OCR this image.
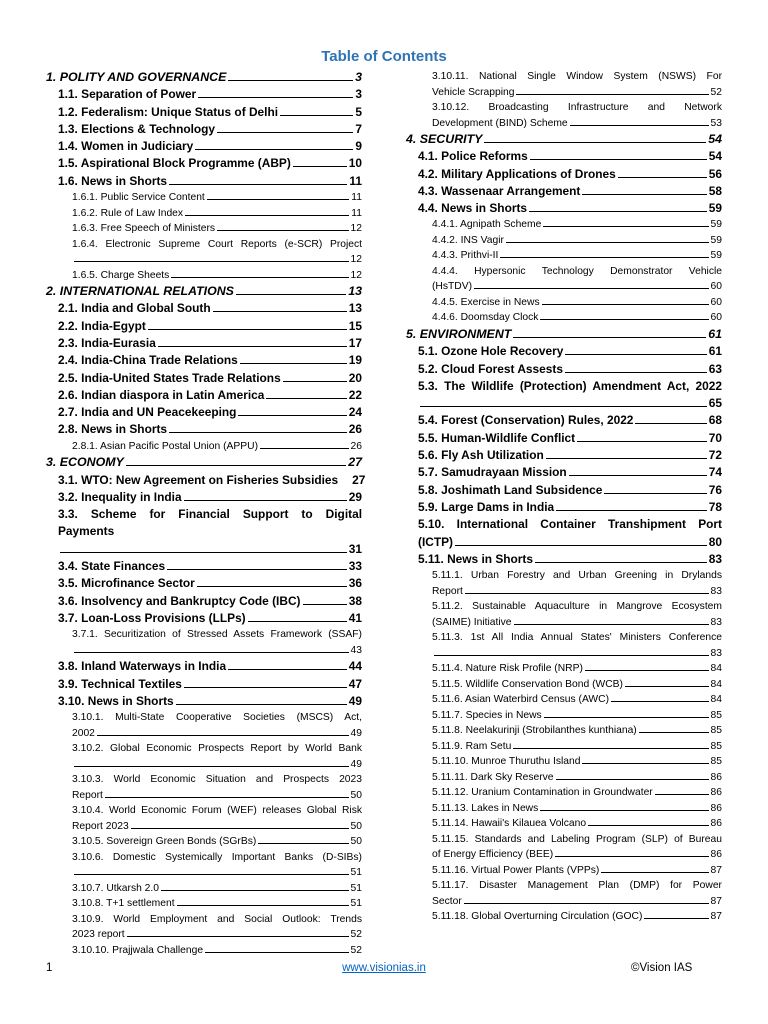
Table of Contents
1. POLITY AND GOVERNANCE	3
1.1. Separation of Power	3
1.2. Federalism: Unique Status of Delhi	5
1.3. Elections & Technology	7
1.4. Women in Judiciary	9
1.5. Aspirational Block Programme (ABP)	10
1.6. News in Shorts	11
1.6.1. Public Service Content	11
1.6.2. Rule of Law Index	11
1.6.3. Free Speech of Ministers	12
1.6.4. Electronic Supreme Court Reports (e-SCR) Project
12
1.6.5. Charge Sheets	12
2. INTERNATIONAL RELATIONS	13
2.1. India and Global South	13
2.2. India-Egypt	15
2.3. India-Eurasia	17
2.4. India-China Trade Relations	19
2.5. India-United States Trade Relations	20
2.6. Indian diaspora in Latin America	22
2.7. India and UN Peacekeeping	24
2.8. News in Shorts	26
2.8.1. Asian Pacific Postal Union (APPU)	26
3. ECONOMY	27
3.1. WTO: New Agreement on Fisheries Subsidies 27
3.2. Inequality in India	29
3.3. Scheme for Financial Support to Digital Payments
31
3.4. State Finances	33
3.5. Microfinance Sector	36
3.6. Insolvency and Bankruptcy Code (IBC)	38
3.7. Loan-Loss Provisions (LLPs)	41
3.7.1. Securitization of Stressed Assets Framework (SSAF)
43
3.8. Inland Waterways in India	44
3.9. Technical Textiles	47
3.10. News in Shorts	49
3.10.1. Multi-State Cooperative Societies (MSCS) Act,
2002	49
3.10.2. Global Economic Prospects Report by World Bank
49
3.10.3. World Economic Situation and Prospects 2023
Report	50
3.10.4. World Economic Forum (WEF) releases Global Risk
Report 2023	50
3.10.5. Sovereign Green Bonds (SGrBs)	50
3.10.6. Domestic Systemically Important Banks (D-SIBs)
51
3.10.7. Utkarsh 2.0	51
3.10.8. T+1 settlement	51
3.10.9. World Employment and Social Outlook: Trends
2023 report	52
3.10.10. Prajjwala Challenge	52
3.10.11. National Single Window System (NSWS) For
Vehicle Scrapping	52
3.10.12. Broadcasting Infrastructure and Network
Development (BIND) Scheme	53
4. SECURITY	54
4.1. Police Reforms	54
4.2. Military Applications of Drones	56
4.3. Wassenaar Arrangement	58
4.4. News in Shorts	59
4.4.1. Agnipath Scheme	59
4.4.2. INS Vagir	59
4.4.3. Prithvi-II	59
4.4.4. Hypersonic Technology Demonstrator Vehicle
(HsTDV)	60
4.4.5. Exercise in News	60
4.4.6. Doomsday Clock	60
5. ENVIRONMENT	61
5.1. Ozone Hole Recovery	61
5.2. Cloud Forest Assests	63
5.3. The Wildlife (Protection) Amendment Act, 2022
65
5.4. Forest (Conservation) Rules, 2022	68
5.5. Human-Wildlife Conflict	70
5.6. Fly Ash Utilization	72
5.7. Samudrayaan Mission	74
5.8. Joshimath Land Subsidence	76
5.9. Large Dams in India	78
5.10. International Container Transhipment Port
(ICTP)	80
5.11. News in Shorts	83
5.11.1. Urban Forestry and Urban Greening in Drylands
Report	83
5.11.2. Sustainable Aquaculture in Mangrove Ecosystem
(SAIME) Initiative	83
5.11.3. 1st All India Annual States' Ministers Conference
83
5.11.4. Nature Risk Profile (NRP)	84
5.11.5. Wildlife Conservation Bond (WCB)	84
5.11.6. Asian Waterbird Census (AWC)	84
5.11.7. Species in News	85
5.11.8. Neelakurinji (Strobilanthes kunthiana)	85
5.11.9. Ram Setu	85
5.11.10. Munroe Thuruthu Island	85
5.11.11. Dark Sky Reserve	86
5.11.12. Uranium Contamination in Groundwater	86
5.11.13. Lakes in News	86
5.11.14. Hawaii's Kilauea Volcano	86
5.11.15. Standards and Labeling Program (SLP) of Bureau
of Energy Efficiency (BEE)	86
5.11.16. Virtual Power Plants (VPPs)	87
5.11.17. Disaster Management Plan (DMP) for Power
Sector	87
5.11.18. Global Overturning Circulation (GOC)	87
1	www.visionias.in	©Vision IAS
